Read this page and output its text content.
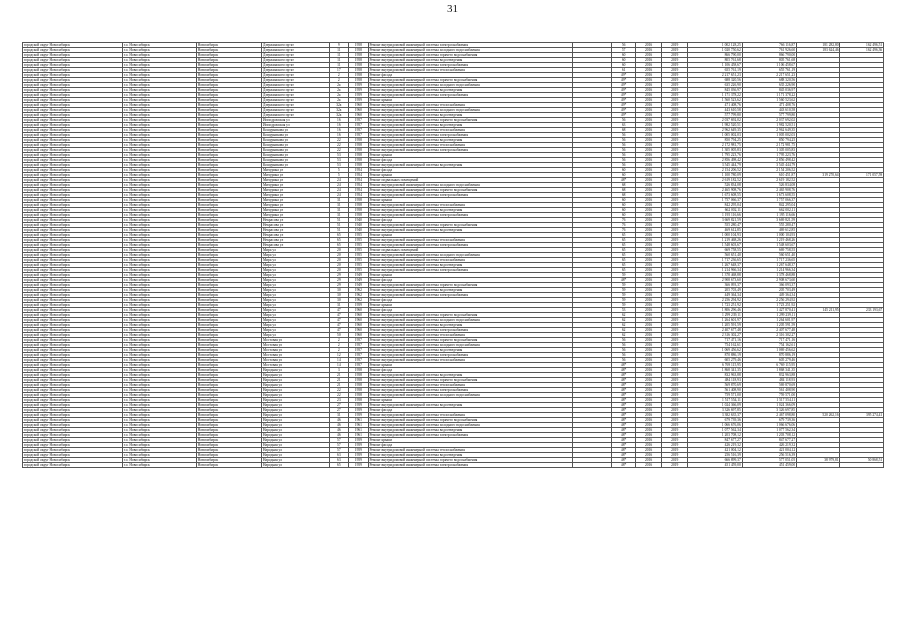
31
городской округ Новосибирск	г.о. Новосибирск	Новосибирск	Дзержинского пр-кт	9	1958	Ремонт внутридомовой инженерной системы электроснабжения		56	2016	2019	1 002 128,25	766 116,87	181 282,80	162 496,51
городской округ Новосибирск	г.о. Новосибирск	Новосибирск	Дзержинского пр-кт	11	1958	Ремонт внутридомовой инженерной системы холодного водоснабжения		57	2016	2019	1 020 750,62	761 926,60	183 624,46	162 496,36
городской округ Новосибирск	г.о. Новосибирск	Новосибирск	Дзержинского пр-кт	11	1958	Ремонт внутридомовой инженерной системы горячего водоснабжения		60	2016	2019	866 790,00	866 790,00		
городской округ Новосибирск	г.о. Новосибирск	Новосибирск	Дзержинского пр-кт	11	1958	Ремонт внутридомовой инженерной системы водоотведения		60	2016	2019	805 761,68	805 761,68		
городской округ Новосибирск	г.о. Новосибирск	Новосибирск	Дзержинского пр-кт	11	1958	Ремонт внутридомовой инженерной системы электроснабжения		60	2016	2019	1 106 458,67	1 106 458,67		
городской округ Новосибирск	г.о. Новосибирск	Новосибирск	Дзержинского пр-кт	17	1958	Ремонт внутридомовой инженерной системы теплоснабжения		61	2016	2019	655 761,19	655 761,19		
городской округ Новосибирск	г.о. Новосибирск	Новосибирск	Дзержинского пр-кт	2	1958	Ремонт фасада		49*	2016	2019	2 217 651,23	2 217 651,23		
городской округ Новосибирск	г.о. Новосибирск	Новосибирск	Дзержинского пр-кт	2	1958	Ремонт внутридомовой инженерной системы горячего водоснабжения		49*	2016	2019	688 320,56	688 320,56		
городской округ Новосибирск	г.о. Новосибирск	Новосибирск	Дзержинского пр-кт	2а	1959	Ремонт внутридомовой инженерной системы холодного водоснабжения		49*	2016	2019	635 226,90	635 226,90		
городской округ Новосибирск	г.о. Новосибирск	Новосибирск	Дзержинского пр-кт	2а	1959	Ремонт внутридомовой инженерной системы водоотведения		49*	2016	2019	845 036,97	845 036,97		
городской округ Новосибирск	г.о. Новосибирск	Новосибирск	Дзержинского пр-кт	2а	1959	Ремонт внутридомовой инженерной системы электроснабжения		49*	2016	2019	1 171 378,22	1 171 378,22		
городской округ Новосибирск	г.о. Новосибирск	Новосибирск	Дзержинского пр-кт	2а	1959	Ремонт крыши		49*	2016	2019	1 560 523,62	1 560 523,62		
городской округ Новосибирск	г.о. Новосибирск	Новосибирск	Дзержинского пр-кт	32а	1960	Ремонт внутридомовой инженерной системы теплоснабжения		49*	2016	2019	471 408,76	471 408,76		
городской округ Новосибирск	г.о. Новосибирск	Новосибирск	Дзержинского пр-кт	32а	1960	Ремонт внутридомовой инженерной системы холодного водоснабжения		49*	2016	2019	443 610,58	443 610,58		
городской округ Новосибирск	г.о. Новосибирск	Новосибирск	Дзержинского пр-кт	32а	1960	Ремонт внутридомовой инженерной системы водоотведения		49*	2016	2019	577 799,80	577 799,80		
городской округ Новосибирск	г.о. Новосибирск	Новосибирск	Ипподромская ул	16	1957	Ремонт внутридомовой инженерной системы горячего водоснабжения		56	2016	2019	2 037 692,02	2 037 692,02		
городской округ Новосибирск	г.о. Новосибирск	Новосибирск	Ипподромская ул	16	1957	Ремонт внутридомовой инженерной системы водоотведения		63	2016	2019	1 982 520,51	1 982 520,51		
городской округ Новосибирск	г.о. Новосибирск	Новосибирск	Кошурникова ул	16	1957	Ремонт внутридомовой инженерной системы теплоснабжения		68	2016	2019	2 962 649,35	2 962 649,35		
городской округ Новосибирск	г.о. Новосибирск	Новосибирск	Кошурникова ул	16	1957	Ремонт внутридомовой инженерной системы электроснабжения		56	2016	2019	1 005 002,03	1 005 002,03		
городской округ Новосибирск	г.о. Новосибирск	Новосибирск	Кошурникова ул	22	1958	Ремонт внутридомовой инженерной системы водоотведения		56	2016	2019	850 794,25	850 794,25		
городской округ Новосибирск	г.о. Новосибирск	Новосибирск	Кошурникова ул	22	1958	Ремонт внутридомовой инженерной системы теплоснабжения		56	2016	2019	2 172 981,75	2 172 981,75		
городской округ Новосибирск	г.о. Новосибирск	Новосибирск	Кошурникова ул	22	1958	Ремонт внутридомовой инженерной системы электроснабжения		56	2016	2019	1 305 005,83	1 305 005,83		
городской округ Новосибирск	г.о. Новосибирск	Новосибирск	Кошурникова ул	53	1958	Ремонт крыши		56	2016	2019	1 795 223,76	1 795 223,76		
городской округ Новосибирск	г.о. Новосибирск	Новосибирск	Кошурникова ул	53	1958	Ремонт фасада		56	2016	2019	2 856 498,42	2 856 498,42		
городской округ Новосибирск	г.о. Новосибирск	Новосибирск	Кошурникова ул	53	1958	Ремонт внутридомовой инженерной системы водоотведения		56	2016	2019	3 545 444,79	3 545 444,79		
городской округ Новосибирск	г.о. Новосибирск	Новосибирск	Мичурина ул	5	1954	Ремонт фасада		60	2016	2019	2 154 206,52	2 154 206,52		
городской округ Новосибирск	г.о. Новосибирск	Новосибирск	Мичурина ул	5	1954	Ремонт крыши		60	2016	2019	1 100 780,09	610 451,87	319 270,64	171 057,59
городской округ Новосибирск	г.о. Новосибирск	Новосибирск	Мичурина ул	24	1954	Ремонт подвальных помещений		48*	2016	2019	2 619 182,52	2 619 182,52		
городской округ Новосибирск	г.о. Новосибирск	Новосибирск	Мичурина ул	24	1954	Ремонт внутридомовой инженерной системы холодного водоснабжения		68	2016	2019	526 834,08	526 834,08		
городской округ Новосибирск	г.о. Новосибирск	Новосибирск	Мичурина ул	24	1954	Ремонт внутридомовой инженерной системы горячего водоснабжения		68	2016	2019	2 465 908,76	2 465 908,76		
городской округ Новосибирск	г.о. Новосибирск	Новосибирск	Мичурина ул	24	1954	Ремонт внутридомовой инженерной системы электроснабжения		68	2016	2019	1 673 608,55	1 673 608,55		
городской округ Новосибирск	г.о. Новосибирск	Новосибирск	Мичурина ул	31	1958	Ремонт крыши		60	2016	2019	1 757 066,37	1 757 066,37		
городской округ Новосибирск	г.о. Новосибирск	Новосибирск	Мичурина ул	31	1958	Ремонт внутридомовой инженерной системы теплоснабжения		60	2016	2019	842 295,04	842 295,04		
городской округ Новосибирск	г.о. Новосибирск	Новосибирск	Мичурина ул	31	1958	Ремонт внутридомовой инженерной системы водоотведения		60	2016	2019	662 002,11	662 002,11		
городской округ Новосибирск	г.о. Новосибирск	Новосибирск	Мичурина ул	31	1958	Ремонт внутридомовой инженерной системы электроснабжения		60	2016	2019	1 195 116,66	1 195 116,66		
городской округ Новосибирск	г.о. Новосибирск	Новосибирск	Некрасова ул	51	1940	Ремонт фасада		76	2016	2019	3 669 821,59	3 669 821,59		
городской округ Новосибирск	г.о. Новосибирск	Новосибирск	Некрасова ул	51	1940	Ремонт внутридомовой инженерной системы горячего водоснабжения		76	2016	2019	555 280,47	555 280,47		
городской округ Новосибирск	г.о. Новосибирск	Новосибирск	Некрасова ул	51	1940	Ремонт внутридомовой инженерной системы водоотведения		76	2016	2019	469 612,85	469 612,85		
городской округ Новосибирск	г.о. Новосибирск	Новосибирск	Некрасова ул	65	1955	Ремонт крыши		65	2016	2019	1 000 104,93	1 000 104,93		
городской округ Новосибирск	г.о. Новосибирск	Новосибирск	Некрасова ул	65	1955	Ремонт внутридомовой инженерной системы теплоснабжения		65	2016	2019	1 219 468,26	1 219 468,26		
городской округ Новосибирск	г.о. Новосибирск	Новосибирск	Некрасова ул	65	1955	Ремонт внутридомовой инженерной системы электроснабжения		65	2016	2019	1 548 603,67	1 548 603,67		
городской округ Новосибирск	г.о. Новосибирск	Новосибирск	Мира ул	20	1955	Ремонт подвальных помещений		65	2016	2019	669 758,55	669 758,55		
городской округ Новосибирск	г.о. Новосибирск	Новосибирск	Мира ул	20	1955	Ремонт внутридомовой инженерной системы холодного водоснабжения		65	2016	2019	560 651,40	560 651,40		
городской округ Новосибирск	г.о. Новосибирск	Новосибирск	Мира ул	20	1955	Ремонт внутридомовой инженерной системы теплоснабжения		65	2016	2019	1 717 236,65	1 717 236,65		
городской округ Новосибирск	г.о. Новосибирск	Новосибирск	Мира ул	20	1955	Ремонт внутридомовой инженерной системы водоотведения		65	2016	2019	1 267 648,37	1 267 648,37		
городской округ Новосибирск	г.о. Новосибирск	Новосибирск	Мира ул	20	1955	Ремонт внутридомовой инженерной системы электроснабжения		65	2016	2019	1 214 966,34	1 214 966,34		
городской округ Новосибирск	г.о. Новосибирск	Новосибирск	Мира ул	29	1949	Ремонт крыши		59	2016	2019	1 378 468,88	1 378 468,88		
городской округ Новосибирск	г.о. Новосибирск	Новосибирск	Мира ул	29	1949	Ремонт фасада		48*	2016	2019	2 908 673,60	2 908 673,60		
городской округ Новосибирск	г.о. Новосибирск	Новосибирск	Мира ул	29	1949	Ремонт внутридомовой инженерной системы горячего водоснабжения		59	2016	2019	366 093,37	366 093,37		
городской округ Новосибирск	г.о. Новосибирск	Новосибирск	Мира ул	30	1962	Ремонт внутридомовой инженерной системы водоотведения		59	2016	2019	205 703,49	205 703,49		
городской округ Новосибирск	г.о. Новосибирск	Новосибирск	Мира ул	30	1962	Ремонт внутридомовой инженерной системы электроснабжения		59	2016	2019	449 364,34	449 364,34		
городской округ Новосибирск	г.о. Новосибирск	Новосибирск	Мира ул	30	1962	Ремонт фасада		59	2016	2019	2 256 294,92	2 256 294,92		
городской округ Новосибирск	г.о. Новосибирск	Новосибирск	Мира ул	31	1959	Ремонт крыши		59	2016	2019	1 723 251,92	1 723 251,92		
городской округ Новосибирск	г.о. Новосибирск	Новосибирск	Мира ул	47	1960	Ремонт фасада		53	2016	2019	1 806 296,46	1 427 870,41	145 211,95	233 193,67
городской округ Новосибирск	г.о. Новосибирск	Новосибирск	Мира ул	47	1960	Ремонт внутридомовой инженерной системы горячего водоснабжения		62	2016	2019	1 299 239,11	1 299 239,11		
городской округ Новосибирск	г.о. Новосибирск	Новосибирск	Мира ул	47	1960	Ремонт внутридомовой инженерной системы холодного водоснабжения		62	2016	2019	1 264 601,97	1 264 601,97		
городской округ Новосибирск	г.о. Новосибирск	Новосибирск	Мира ул	47	1960	Ремонт внутридомовой инженерной системы водоотведения		62	2016	2019	1 205 591,59	1 205 591,59		
городской округ Новосибирск	г.о. Новосибирск	Новосибирск	Мира ул	47	1960	Ремонт внутридомовой инженерной системы электроснабжения		62	2016	2019	2 407 677,48	2 407 677,48		
городской округ Новосибирск	г.о. Новосибирск	Новосибирск	Мира ул	50	1960	Ремонт внутридомовой инженерной системы теплоснабжения		62	2016	2019	2 316 302,27	2 316 302,27		
городской округ Новосибирск	г.о. Новосибирск	Новосибирск	Мостовая ул	2	1957	Ремонт внутридомовой инженерной системы горячего водоснабжения		56	2016	2019	717 471,16	717 471,16		
городской округ Новосибирск	г.о. Новосибирск	Новосибирск	Мостовая ул	2	1957	Ремонт внутридомовой инженерной системы холодного водоснабжения		56	2016	2019	754 162,61	754 162,61		
городской округ Новосибирск	г.о. Новосибирск	Новосибирск	Мостовая ул	2	1957	Ремонт внутридомовой инженерной системы водоотведения		56	2016	2019	1 069 456,62	1 069 456,62		
городской округ Новосибирск	г.о. Новосибирск	Новосибирск	Мостовая ул	12	1957	Ремонт внутридомовой инженерной системы электроснабжения		56	2016	2019	870 886,19	870 886,19		
городской округ Новосибирск	г.о. Новосибирск	Новосибирск	Мостовая ул	14	1957	Ремонт внутридомовой инженерной системы теплоснабжения		56	2016	2019	605 279,46	605 279,46		
городской округ Новосибирск	г.о. Новосибирск	Новосибирск	Мостовая ул	14	1957	Ремонт крыши		48*	2016	2019	6 769 115,95	6 769 115,95		
городской округ Новосибирск	г.о. Новосибирск	Новосибирск	Народная ул	3	1958	Ремонт фасада		48*	2016	2019	1 868 341,35	1 868 341,35		
городской округ Новосибирск	г.о. Новосибирск	Новосибирск	Народная ул	21	1958	Ремонт внутридомовой инженерной системы водоотведения		48*	2016	2019	832 963,88	832 963,88		
городской округ Новосибирск	г.о. Новосибирск	Новосибирск	Народная ул	21	1958	Ремонт внутридомовой инженерной системы горячего водоснабжения		48*	2016	2019	484 118,93	484 118,93		
городской округ Новосибирск	г.о. Новосибирск	Новосибирск	Народная ул	21	1958	Ремонт внутридомовой инженерной системы теплоснабжения		48*	2016	2019	569 870,69	569 870,69		
городской округ Новосибирск	г.о. Новосибирск	Новосибирск	Народная ул	22	1958	Ремонт внутридомовой инженерной системы электроснабжения		48*	2016	2019	561 408,90	561 408,90		
городской округ Новосибирск	г.о. Новосибирск	Новосибирск	Народная ул	22	1958	Ремонт внутридомовой инженерной системы холодного водоснабжения		48*	2016	2019	759 571,00	759 571,00		
городской округ Новосибирск	г.о. Новосибирск	Новосибирск	Народная ул	23	1958	Ремонт крыши		48*	2016	2019	1 517 554,11	1 517 554,11		
городской округ Новосибирск	г.о. Новосибирск	Новосибирск	Народная ул	27	1959	Ремонт внутридомовой инженерной системы водоотведения		48*	2016	2019	1 024 366,09	1 024 366,09		
городской округ Новосибирск	г.о. Новосибирск	Новосибирск	Народная ул	27	1959	Ремонт фасада		48*	2016	2019	3 326 697,85	3 326 697,85		
городской округ Новосибирск	г.о. Новосибирск	Новосибирск	Народная ул	31	1959	Ремонт внутридомовой инженерной системы теплоснабжения		48*	2016	2019	3 382 635,37	2 467 098,80	520 262,16	395 274,41
городской округ Новосибирск	г.о. Новосибирск	Новосибирск	Народная ул	46	1961	Ремонт внутридомовой инженерной системы горячего водоснабжения		48*	2016	2019	679 739,36	679 739,36		
городской округ Новосибирск	г.о. Новосибирск	Новосибирск	Народная ул	46	1961	Ремонт внутридомовой инженерной системы холодного водоснабжения		48*	2016	2019	1 066 676,06	1 066 676,06		
городской округ Новосибирск	г.о. Новосибирск	Новосибирск	Народная ул	46	1961	Ремонт внутридомовой инженерной системы водоотведения		48*	2016	2019	1 077 562,34	1 077 562,34		
городской округ Новосибирск	г.о. Новосибирск	Новосибирск	Народная ул	46	1961	Ремонт внутридомовой инженерной системы электроснабжения		48*	2016	2019	1 203 708,12	1 203 708,12		
городской округ Новосибирск	г.о. Новосибирск	Новосибирск	Народная ул	57	1959	Ремонт крыши		48*	2016	2019	847 677,27	847 677,27		
городской округ Новосибирск	г.о. Новосибирск	Новосибирск	Народная ул	57	1959	Ремонт фасада		48*	2016	2019	426 219,32	426 219,32		
городской округ Новосибирск	г.о. Новосибирск	Новосибирск	Народная ул	57	1959	Ремонт внутридомовой инженерной системы теплоснабжения		48*	2016	2019	421 004,12	421 004,12		
городской округ Новосибирск	г.о. Новосибирск	Новосибирск	Народная ул	63	1959	Ремонт внутридомовой инженерной системы водоотведения		48*	2016	2019	256 516,39	256 516,39		
городской округ Новосибирск	г.о. Новосибирск	Новосибирск	Народная ул	63	1959	Ремонт внутридомовой инженерной системы горячего водоснабжения		48*	2016	2019	666 899,37	577 051,05	38 979,81	50 868,51
городской округ Новосибирск	г.о. Новосибирск	Новосибирск	Народная ул	65	1959	Ремонт внутридомовой инженерной системы электроснабжения		48*	2016	2019	451 459,00	451 459,00		
